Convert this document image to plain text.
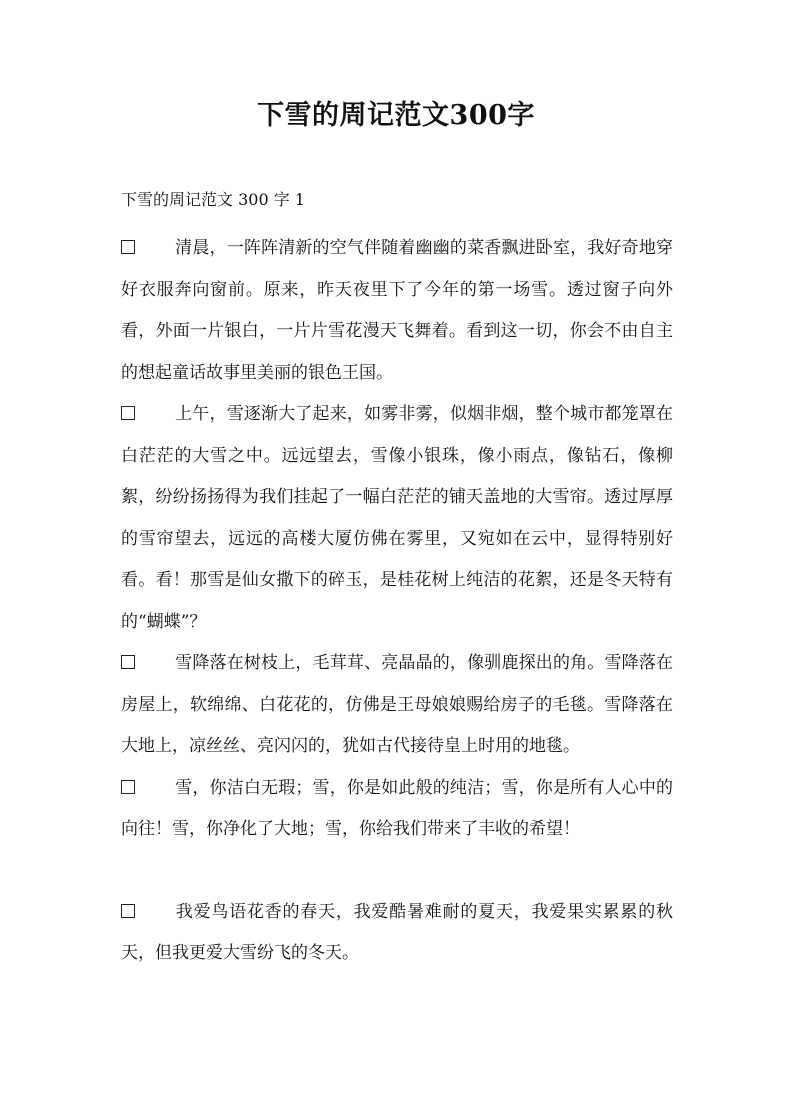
下雪的周记范文300字
下雪的周记范文 300 字 1

清晨，一阵阵清新的空气伴随着幽幽的菜香飘进卧室，我好奇地穿好衣服奔向窗前。原来，昨天夜里下了今年的第一场雪。透过窗子向外看，外面一片银白，一片片雪花漫天飞舞着。看到这一切，你会不由自主的想起童话故事里美丽的银色王国。

上午，雪逐渐大了起来，如雾非雾，似烟非烟，整个城市都笼罩在白茫茫的大雪之中。远远望去，雪像小银珠，像小雨点，像钻石，像柳絮，纷纷扬扬得为我们挂起了一幅白茫茫的铺天盖地的大雪帘。透过厚厚的雪帘望去，远远的高楼大厦仿佛在雾里，又宛如在云中，显得特别好看。看！那雪是仙女撒下的碎玉，是桂花树上纯洁的花絮，还是冬天特有的“蝴蝶”？

雪降落在树枝上，毛茸茸、亮晶晶的，像驯鹿探出的角。雪降落在房屋上，软绵绵、白花花的，仿佛是王母娘娘赐给房子的毛毯。雪降落在大地上，凉丝丝、亮闪闪的，犹如古代接待皇上时用的地毯。

雪，你洁白无瑕；雪，你是如此般的纯洁；雪，你是所有人心中的向往！雪，你净化了大地；雪，你给我们带来了丰收的希望！

我爱鸟语花香的春天，我爱酷暑难耐的夏天，我爱果实累累的秋天，但我更爱大雪纷飞的冬天。
